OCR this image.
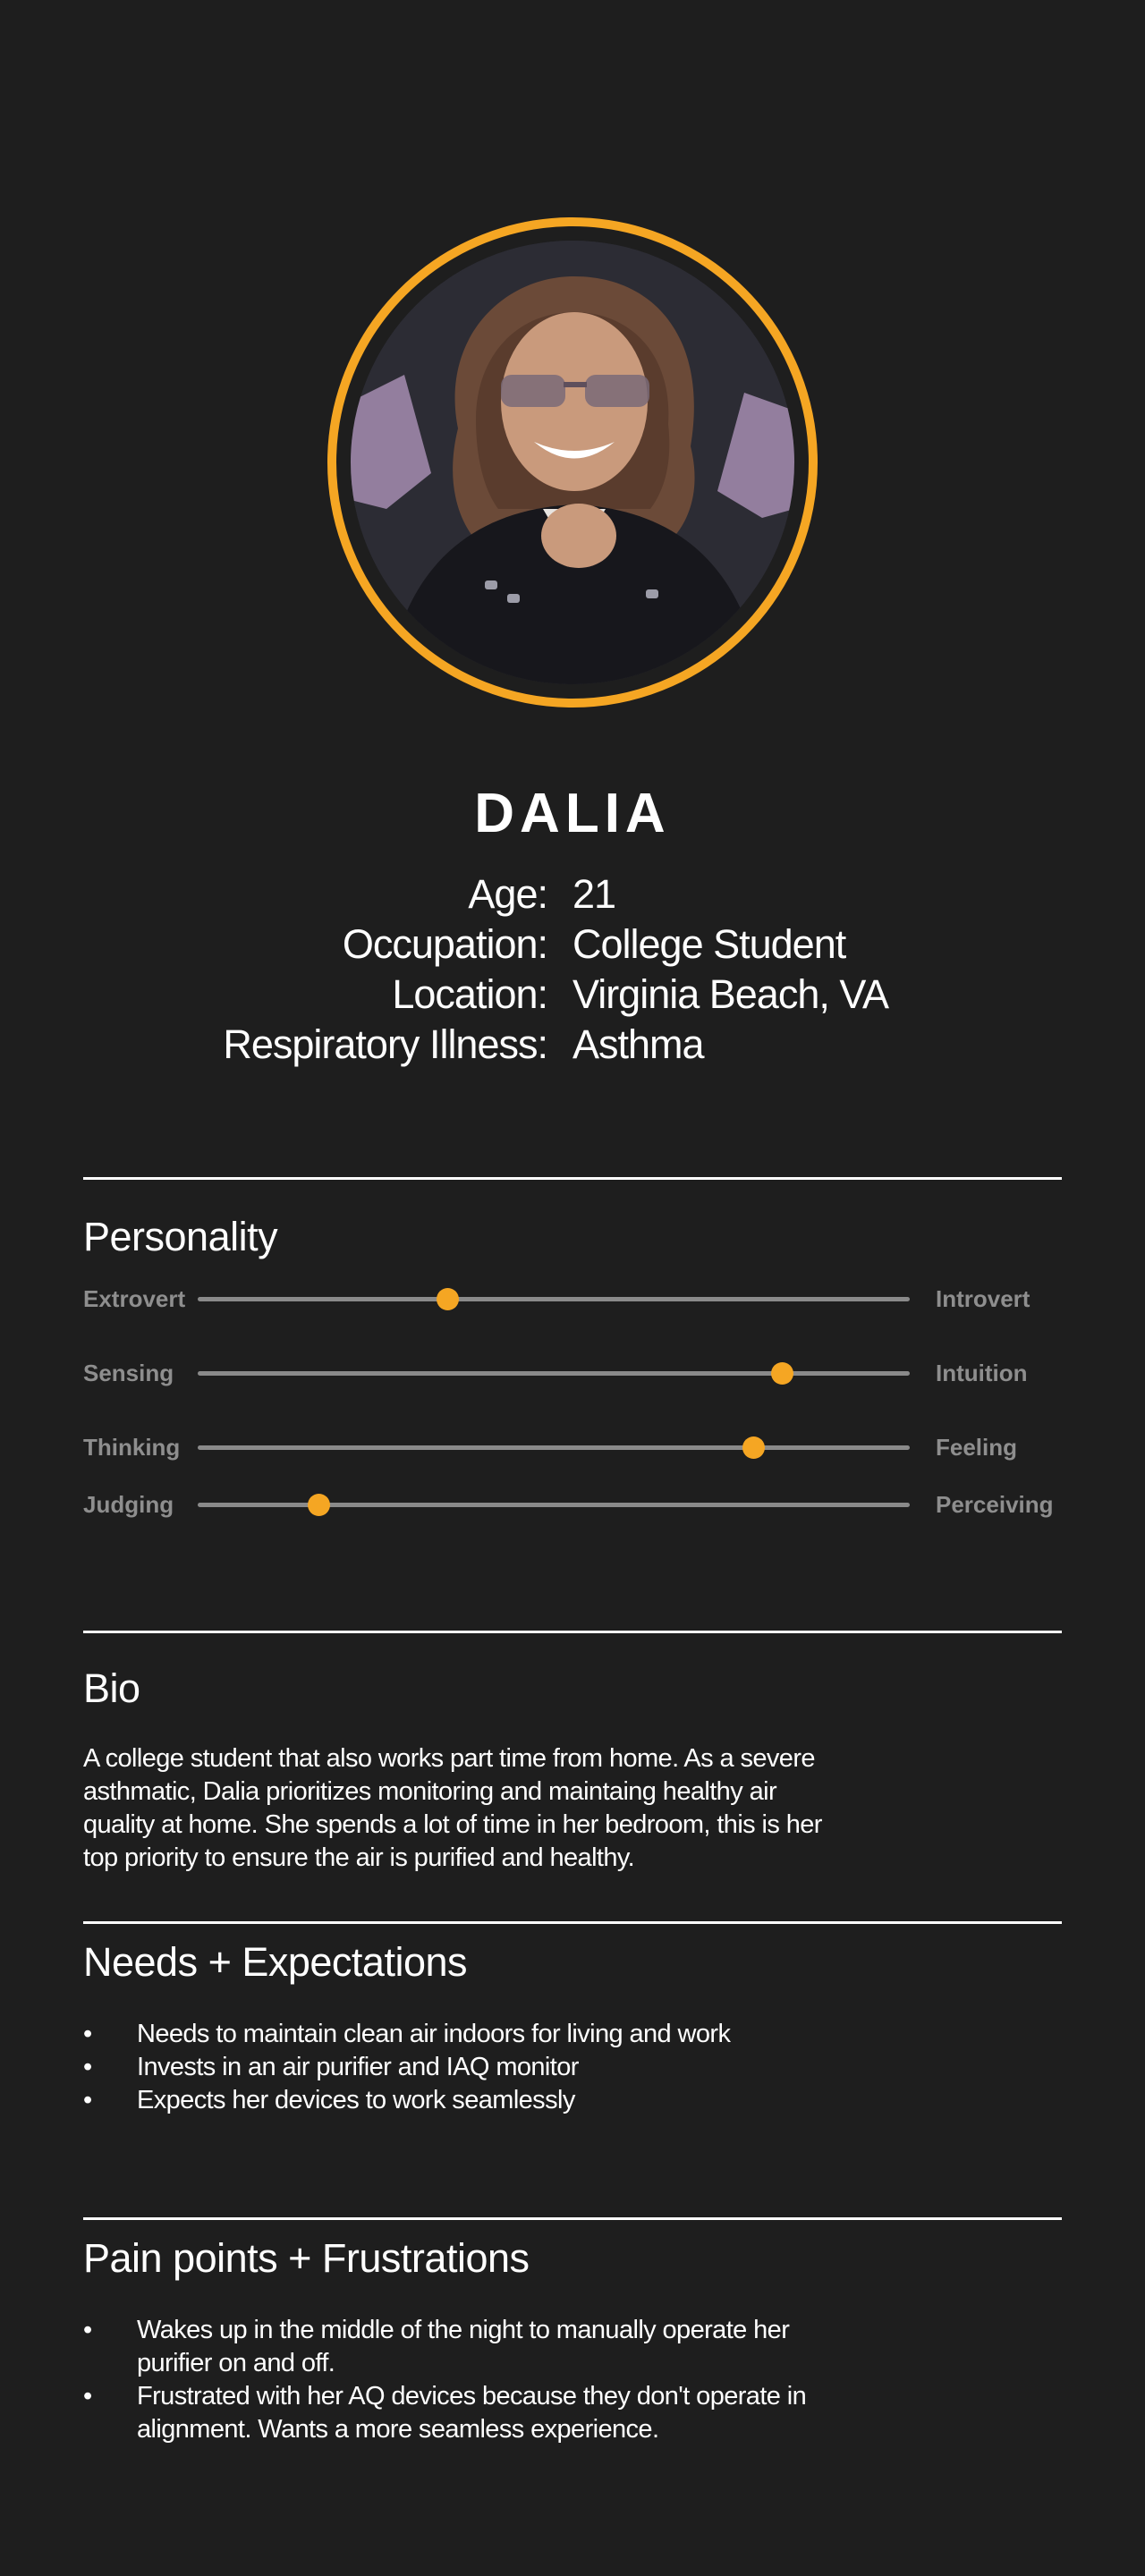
DALIA
Age: 21
Occupation: College Student
Location: Virginia Beach, VA
Respiratory Illness: Asthma
Personality
Extrovert	Introvert
Sensing	Intuition
Thinking	Feeling
Judging	Perceiving
Bio
A college student that also works part time from home. As a severe
asthmatic, Dalia prioritizes monitoring and maintaing healthy air
quality at home. She spends a lot of time in her bedroom, this is her
top priority to ensure the air is purified and healthy.
Needs + Expectations
• Needs to maintain clean air indoors for living and work
• Invests in an air purifier and IAQ monitor
• Expects her devices to work seamlessly
Pain points + Frustrations
• Wakes up in the middle of the night to manually operate her
purifier on and off.
• Frustrated with her AQ devices because they don't operate in
alignment. Wants a more seamless experience.
